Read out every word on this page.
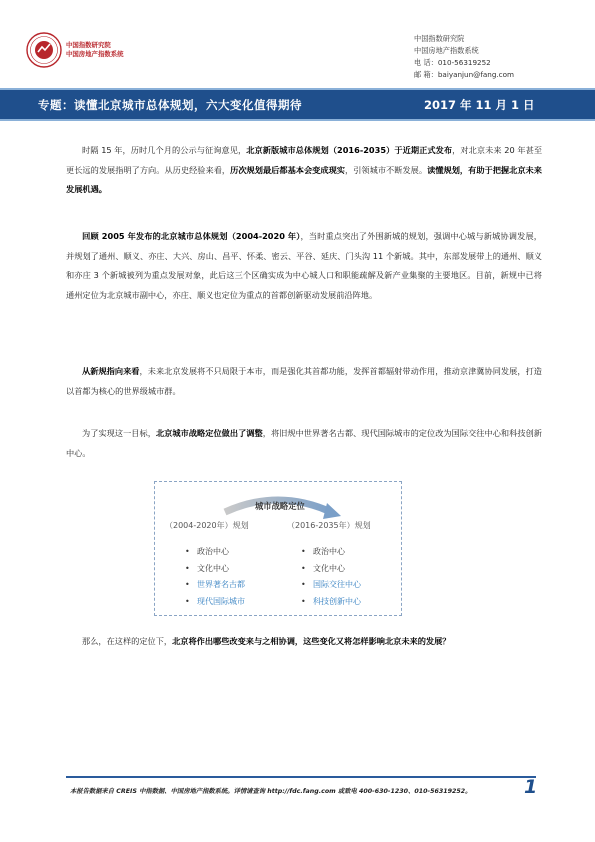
中国指数研究院
中国房地产指数系统
中国指数研究院
中国房地产指数系统
电 话：010-56319252
邮 箱：baiyanjun@fang.com
专题：读懂北京城市总体规划，六大变化值得期待	2017 年 11 月 1 日
时隔 15 年，历时几个月的公示与征询意见，北京新版城市总体规划（2016-2035）于近期正式发布，对北京未来 20 年甚至更长远的发展指明了方向。从历史经验来看，历次规划最后都基本会变成现实，引领城市不断发展。读懂规划，有助于把握北京未来发展机遇。
回顾 2005 年发布的北京城市总体规划（2004-2020 年），当时重点突出了外围新城的规划，强调中心城与新城协调发展，并规划了通州、顺义、亦庄、大兴、房山、昌平、怀柔、密云、平谷、延庆、门头沟 11 个新城。其中，东部发展带上的通州、顺义和亦庄 3 个新城被列为重点发展对象，此后这三个区确实成为中心城人口和职能疏解及新产业集聚的主要地区。目前，新规中已将通州定位为北京城市副中心，亦庄、顺义也定位为重点的首都创新驱动发展前沿阵地。
从新规指向来看，未来北京发展将不只局限于本市，而是强化其首都功能，发挥首都辐射带动作用，推动京津冀协同发展，打造以首都为核心的世界级城市群。
为了实现这一目标，北京城市战略定位做出了调整，将旧规中世界著名古都、现代国际城市的定位改为国际交往中心和科技创新中心。
城市战略定位
（2004-2020年）规划	（2016-2035年）规划
• 政治中心
• 文化中心
• 世界著名古都
• 现代国际城市
• 政治中心
• 文化中心
• 国际交往中心
• 科技创新中心
那么，在这样的定位下，北京将作出哪些改变来与之相协调，这些变化又将怎样影响北京未来的发展？
本报告数据来自 CREIS 中指数据、中国房地产指数系统。详情请查询 http://fdc.fang.com 或致电 400-630-1230、010-56319252。	1
